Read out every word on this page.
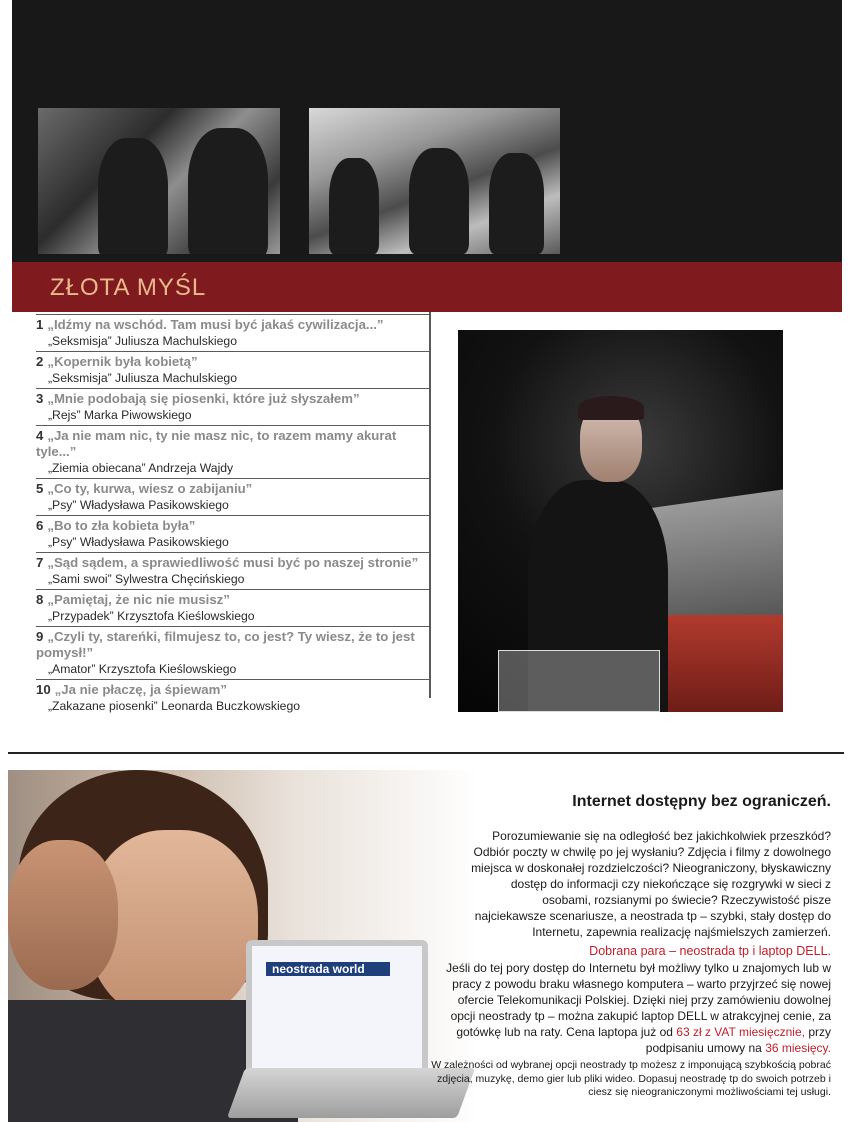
ZŁOTA MYŚL
1 „Idźmy na wschód. Tam musi być jakaś cywilizacja...”
„Seksmisja” Juliusza Machulskiego
2 „Kopernik była kobietą”
„Seksmisja” Juliusza Machulskiego
3 „Mnie podobają się piosenki, które już słyszałem”
„Rejs” Marka Piwowskiego
4 „Ja nie mam nic, ty nie masz nic, to razem mamy akurat tyle...”
„Ziemia obiecana” Andrzeja Wajdy
5 „Co ty, kurwa, wiesz o zabijaniu”
„Psy” Władysława Pasikowskiego
6 „Bo to zła kobieta była”
„Psy” Władysława Pasikowskiego
7 „Sąd sądem, a sprawiedliwość musi być po naszej stronie”
„Sami swoi” Sylwestra Chęcińskiego
8 „Pamiętaj, że nic nie musisz”
„Przypadek” Krzysztofa Kieślowskiego
9 „Czyli ty, stareńki, filmujesz to, co jest? Ty wiesz, że to jest pomysł!”
„Amator” Krzysztofa Kieślowskiego
10 „Ja nie płaczę, ja śpiewam”
„Zakazane piosenki” Leonarda Buczkowskiego
neostrada world
Internet dostępny bez ograniczeń.
Porozumiewanie się na odległość bez jakichkolwiek przeszkód? Odbiór poczty w chwilę po jej wysłaniu? Zdjęcia i filmy z dowolnego miejsca w doskonałej rozdzielczości? Nieograniczony, błyskawiczny dostęp do informacji czy niekończące się rozgrywki w sieci z osobami, rozsianymi po świecie? Rzeczywistość pisze najciekawsze scenariusze, a neostrada tp – szybki, stały dostęp do Internetu, zapewnia realizację najśmielszych zamierzeń.
Dobrana para – neostrada tp i laptop DELL.
Jeśli do tej pory dostęp do Internetu był możliwy tylko u znajomych lub w pracy z powodu braku własnego komputera – warto przyjrzeć się nowej ofercie Telekomunikacji Polskiej. Dzięki niej przy zamówieniu dowolnej opcji neostrady tp – można zakupić laptop DELL w atrakcyjnej cenie, za gotówkę lub na raty. Cena laptopa już od 63 zł z VAT miesięcznie, przy podpisaniu umowy na 36 miesięcy.
W zależności od wybranej opcji neostrady tp możesz z imponującą szybkością pobrać zdjęcia, muzykę, demo gier lub pliki wideo. Dopasuj neostradę tp do swoich potrzeb i ciesz się nieograniczonymi możliwościami tej usługi.
